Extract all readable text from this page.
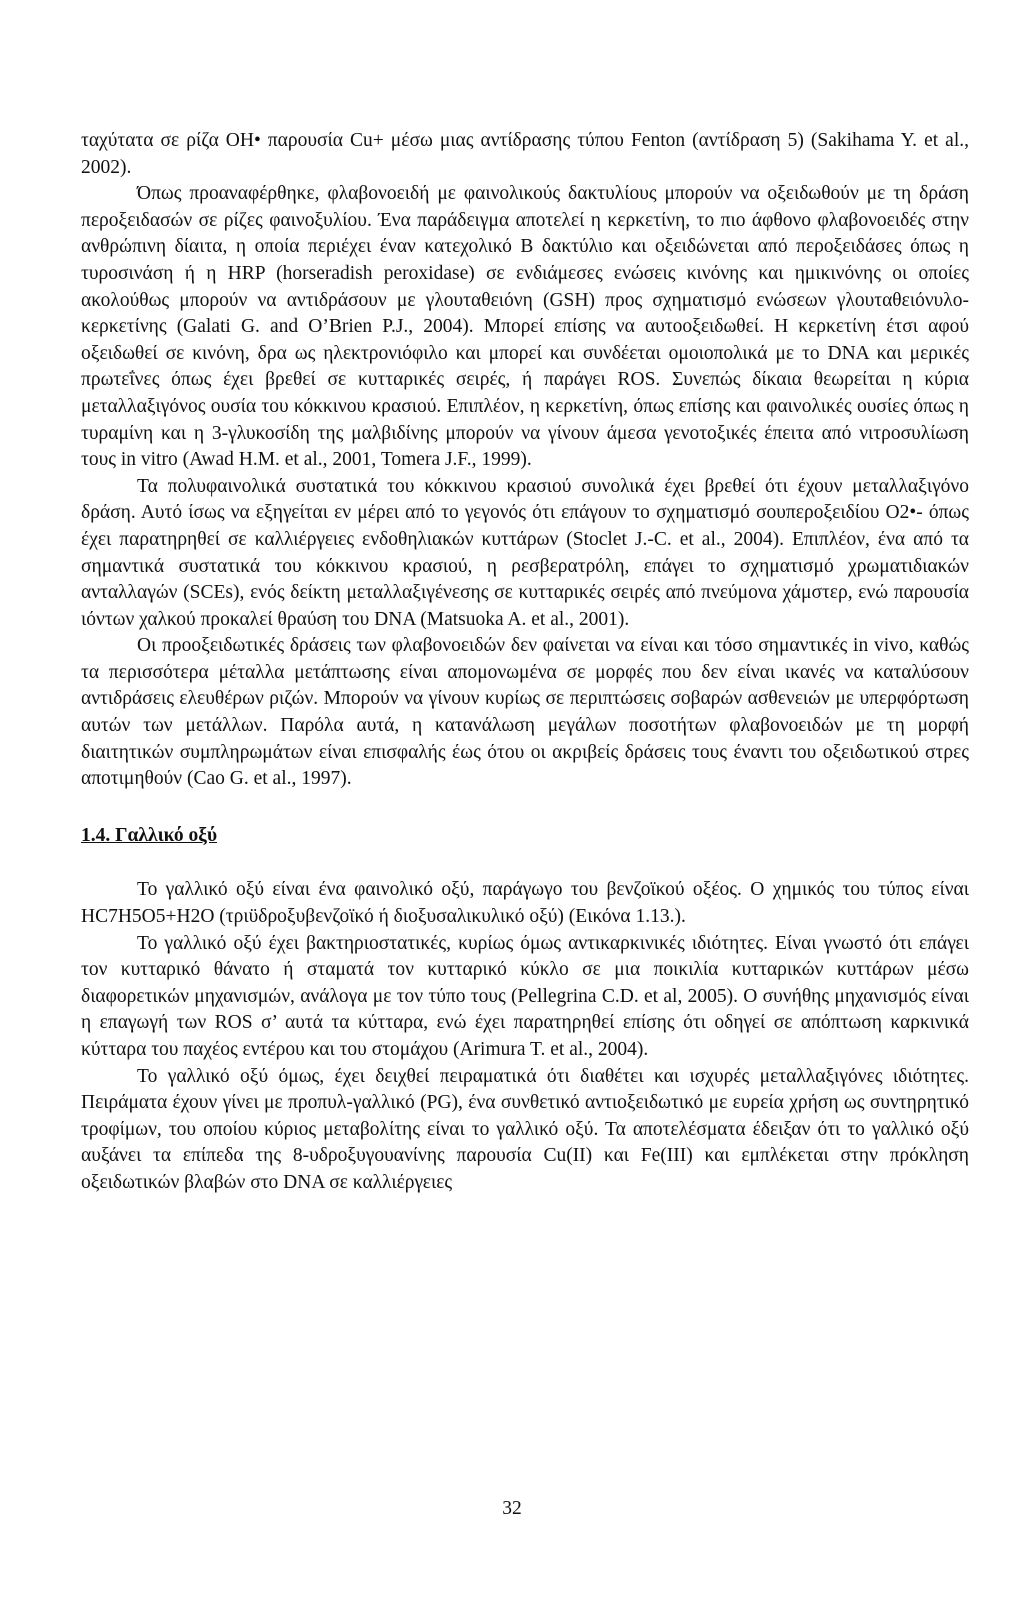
ταχύτατα σε ρίζα OH• παρουσία Cu+ μέσω μιας αντίδρασης τύπου Fenton (αντίδραση 5) (Sakihama Y. et al., 2002).

Όπως προαναφέρθηκε, φλαβονοειδή με φαινολικούς δακτυλίους μπορούν να οξειδωθούν με τη δράση περοξειδασών σε ρίζες φαινοξυλίου. Ένα παράδειγμα αποτελεί η κερκετίνη, το πιο άφθονο φλαβονοειδές στην ανθρώπινη δίαιτα, η οποία περιέχει έναν κατεχολικό B δακτύλιο και οξειδώνεται από περοξειδάσες όπως η τυροσινάση ή η HRP (horseradish peroxidase) σε ενδιάμεσες ενώσεις κινόνης και ημικινόνης οι οποίες ακολούθως μπορούν να αντιδράσουν με γλουταθειόνη (GSH) προς σχηματισμό ενώσεων γλουταθειόνυλο-κερκετίνης (Galati G. and O’Brien P.J., 2004). Μπορεί επίσης να αυτοοξειδωθεί. Η κερκετίνη έτσι αφού οξειδωθεί σε κινόνη, δρα ως ηλεκτρονιόφιλο και μπορεί και συνδέεται ομοιοπολικά με το DNA και μερικές πρωτεΐνες όπως έχει βρεθεί σε κυτταρικές σειρές, ή παράγει ROS. Συνεπώς δίκαια θεωρείται η κύρια μεταλλαξιγόνος ουσία του κόκκινου κρασιού. Επιπλέον, η κερκετίνη, όπως επίσης και φαινολικές ουσίες όπως η τυραμίνη και η 3-γλυκοσίδη της μαλβιδίνης μπορούν να γίνουν άμεσα γενοτοξικές έπειτα από νιτροσυλίωση τους in vitro (Awad H.M. et al., 2001, Tomera J.F., 1999).

Τα πολυφαινολικά συστατικά του κόκκινου κρασιού συνολικά έχει βρεθεί ότι έχουν μεταλλαξιγόνο δράση. Αυτό ίσως να εξηγείται εν μέρει από το γεγονός ότι επάγουν το σχηματισμό σουπεροξειδίου O2•- όπως έχει παρατηρηθεί σε καλλιέργειες ενδοθηλιακών κυττάρων (Stoclet J.-C. et al., 2004). Επιπλέον, ένα από τα σημαντικά συστατικά του κόκκινου κρασιού, η ρεσβερατρόλη, επάγει το σχηματισμό χρωματιδιακών ανταλλαγών (SCEs), ενός δείκτη μεταλλαξιγένεσης σε κυτταρικές σειρές από πνεύμονα χάμστερ, ενώ παρουσία ιόντων χαλκού προκαλεί θραύση του DNA (Matsuoka A. et al., 2001).

Οι προοξειδωτικές δράσεις των φλαβονοειδών δεν φαίνεται να είναι και τόσο σημαντικές in vivo, καθώς τα περισσότερα μέταλλα μετάπτωσης είναι απομονωμένα σε μορφές που δεν είναι ικανές να καταλύσουν αντιδράσεις ελευθέρων ριζών. Μπορούν να γίνουν κυρίως σε περιπτώσεις σοβαρών ασθενειών με υπερφόρτωση αυτών των μετάλλων. Παρόλα αυτά, η κατανάλωση μεγάλων ποσοτήτων φλαβονοειδών με τη μορφή διαιτητικών συμπληρωμάτων είναι επισφαλής έως ότου οι ακριβείς δράσεις τους έναντι του οξειδωτικού στρες αποτιμηθούν (Cao G. et al., 1997).

1.4. Γαλλικό οξύ

Το γαλλικό οξύ είναι ένα φαινολικό οξύ, παράγωγο του βενζοϊκού οξέος. Ο χημικός του τύπος είναι HC7H5O5+H2O (τριϋδροξυβενζοϊκό ή διοξυσαλικυλικό οξύ) (Εικόνα 1.13.).

Το γαλλικό οξύ έχει βακτηριοστατικές, κυρίως όμως αντικαρκινικές ιδιότητες. Είναι γνωστό ότι επάγει τον κυτταρικό θάνατο ή σταματά τον κυτταρικό κύκλο σε μια ποικιλία κυτταρικών κυττάρων μέσω διαφορετικών μηχανισμών, ανάλογα με τον τύπο τους (Pellegrina C.D. et al, 2005). Ο συνήθης μηχανισμός είναι η επαγωγή των ROS σ’ αυτά τα κύτταρα, ενώ έχει παρατηρηθεί επίσης ότι οδηγεί σε απόπτωση καρκινικά κύτταρα του παχέος εντέρου και του στομάχου (Arimura T. et al., 2004).

Το γαλλικό οξύ όμως, έχει δειχθεί πειραματικά ότι διαθέτει και ισχυρές μεταλλαξιγόνες ιδιότητες. Πειράματα έχουν γίνει με προπυλ-γαλλικό (PG), ένα συνθετικό αντιοξειδωτικό με ευρεία χρήση ως συντηρητικό τροφίμων, του οποίου κύριος μεταβολίτης είναι το γαλλικό οξύ. Τα αποτελέσματα έδειξαν ότι το γαλλικό οξύ αυξάνει τα επίπεδα της 8-υδροξυγουανίνης παρουσία Cu(II) και Fe(III) και εμπλέκεται στην πρόκληση οξειδωτικών βλαβών στο DNA σε καλλιέργειες

32
